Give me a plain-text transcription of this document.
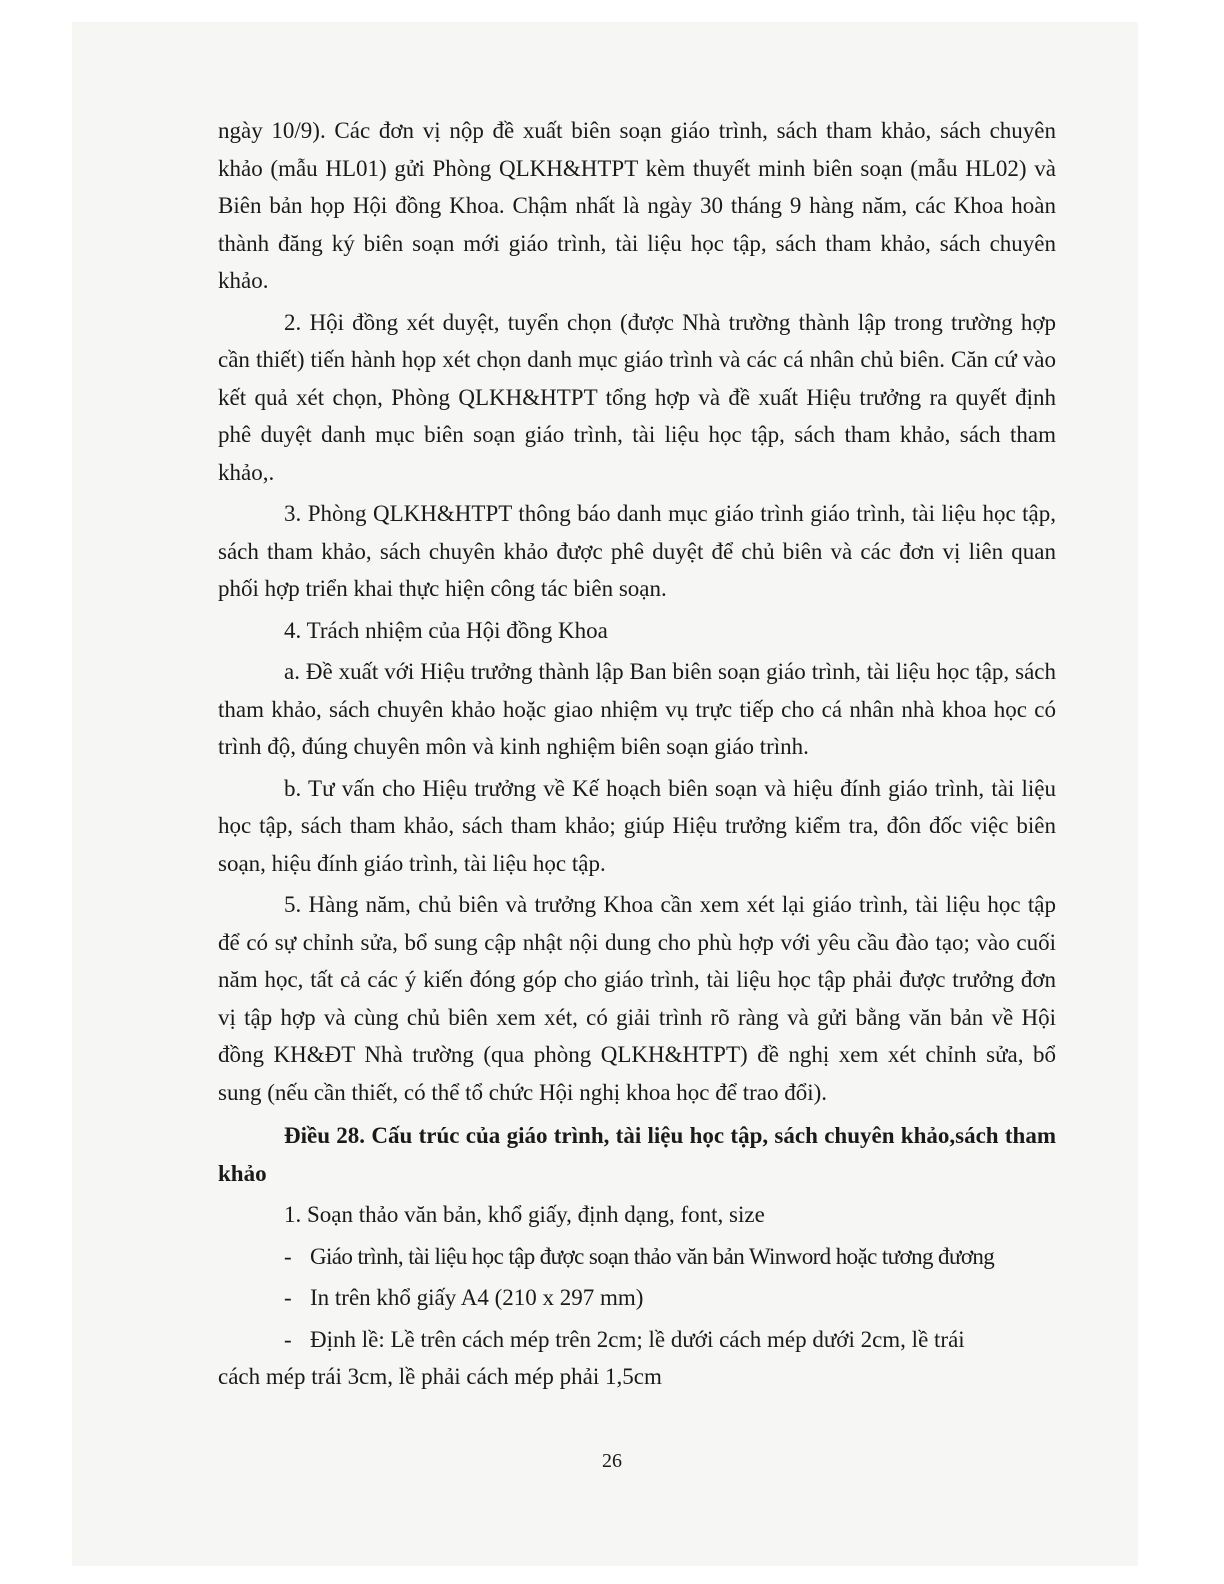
ngày 10/9). Các đơn vị nộp đề xuất biên soạn giáo trình, sách tham khảo, sách chuyên khảo (mẫu HL01) gửi Phòng QLKH&HTPT kèm thuyết minh biên soạn (mẫu HL02) và Biên bản họp Hội đồng Khoa. Chậm nhất là ngày 30 tháng 9 hàng năm, các Khoa hoàn thành đăng ký biên soạn mới giáo trình, tài liệu học tập, sách tham khảo, sách chuyên khảo.

2. Hội đồng xét duyệt, tuyển chọn (được Nhà trường thành lập trong trường hợp cần thiết) tiến hành họp xét chọn danh mục giáo trình và các cá nhân chủ biên. Căn cứ vào kết quả xét chọn, Phòng QLKH&HTPT tổng hợp và đề xuất Hiệu trưởng ra quyết định phê duyệt danh mục biên soạn giáo trình, tài liệu học tập, sách tham khảo, sách tham khảo,.

3. Phòng QLKH&HTPT thông báo danh mục giáo trình giáo trình, tài liệu học tập, sách tham khảo, sách chuyên khảo được phê duyệt để chủ biên và các đơn vị liên quan phối hợp triển khai thực hiện công tác biên soạn.

4. Trách nhiệm của Hội đồng Khoa

a. Đề xuất với Hiệu trưởng thành lập Ban biên soạn giáo trình, tài liệu học tập, sách tham khảo, sách chuyên khảo hoặc giao nhiệm vụ trực tiếp cho cá nhân nhà khoa học có trình độ, đúng chuyên môn và kinh nghiệm biên soạn giáo trình.

b. Tư vấn cho Hiệu trưởng về Kế hoạch biên soạn và hiệu đính giáo trình, tài liệu học tập, sách tham khảo, sách tham khảo; giúp Hiệu trưởng kiểm tra, đôn đốc việc biên soạn, hiệu đính giáo trình, tài liệu học tập.

5. Hàng năm, chủ biên và trưởng Khoa cần xem xét lại giáo trình, tài liệu học tập để có sự chỉnh sửa, bổ sung cập nhật nội dung cho phù hợp với yêu cầu đào tạo; vào cuối năm học, tất cả các ý kiến đóng góp cho giáo trình, tài liệu học tập phải được trưởng đơn vị tập hợp và cùng chủ biên xem xét, có giải trình rõ ràng và gửi bằng văn bản về Hội đồng KH&ĐT Nhà trường (qua phòng QLKH&HTPT) đề nghị xem xét chỉnh sửa, bổ sung (nếu cần thiết, có thể tổ chức Hội nghị khoa học để trao đổi).

Điều 28. Cấu trúc của giáo trình, tài liệu học tập, sách chuyên khảo,sách tham khảo

1. Soạn thảo văn bản, khổ giấy, định dạng, font, size

- Giáo trình, tài liệu học tập được soạn thảo văn bản Winword hoặc tương đương
- In trên khổ giấy A4 (210 x 297 mm)
- Định lề: Lề trên cách mép trên 2cm; lề dưới cách mép dưới 2cm, lề trái

cách mép trái 3cm, lề phải cách mép phải 1,5cm

26
